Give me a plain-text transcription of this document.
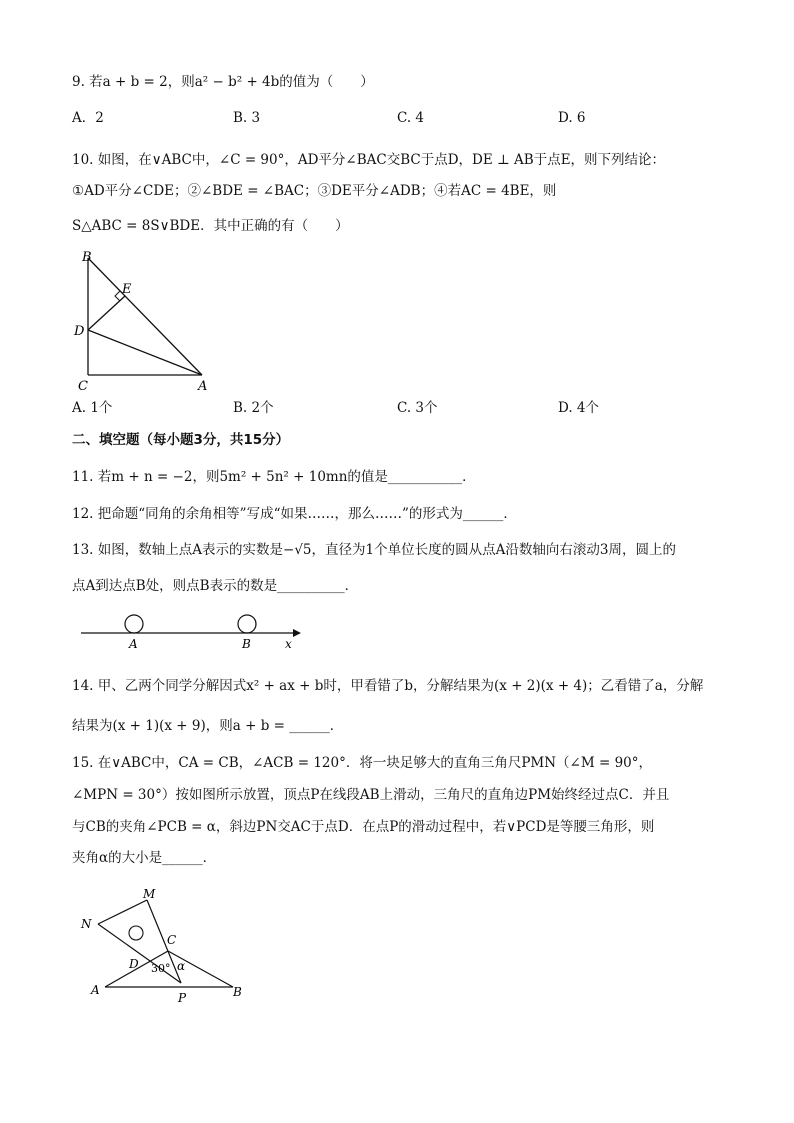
9. 若a + b = 2，则a² − b² + 4b的值为（　　）
A．2	B. 3	C. 4	D. 6
10. 如图，在∨ABC中，∠C = 90°，AD平分∠BAC交BC于点D，DE ⊥ AB于点E，则下列结论：
①AD平分∠CDE；②∠BDE = ∠BAC；③DE平分∠ADB；④若AC = 4BE，则
S△ABC = 8S∨BDE．其中正确的有（　　）
B
E
D
C	A
A. 1个	B. 2个	C. 3个	D. 4个
二、填空题（每小题3分，共15分）
11. 若m + n = −2，则5m² + 5n² + 10mn的值是___________．
12. 把命题“同角的余角相等”写成“如果……，那么……”的形式为______．
13. 如图，数轴上点A表示的实数是−√5，直径为1个单位长度的圆从点A沿数轴向右滚动3周，圆上的
点A到达点B处，则点B表示的数是__________．
A	B	x
14. 甲、乙两个同学分解因式x² + ax + b时，甲看错了b，分解结果为(x + 2)(x + 4)；乙看错了a，分解
结果为(x + 1)(x + 9)，则a + b = ______．
15. 在∨ABC中，CA = CB，∠ACB = 120°．将一块足够大的直角三角尺PMN（∠M = 90°，
∠MPN = 30°）按如图所示放置，顶点P在线段AB上滑动，三角尺的直角边PM始终经过点C．并且
与CB的夹角∠PCB = α，斜边PN交AC于点D．在点P的滑动过程中，若∨PCD是等腰三角形，则
夹角α的大小是______．
M
N
C
D 30° α
A
P	B
